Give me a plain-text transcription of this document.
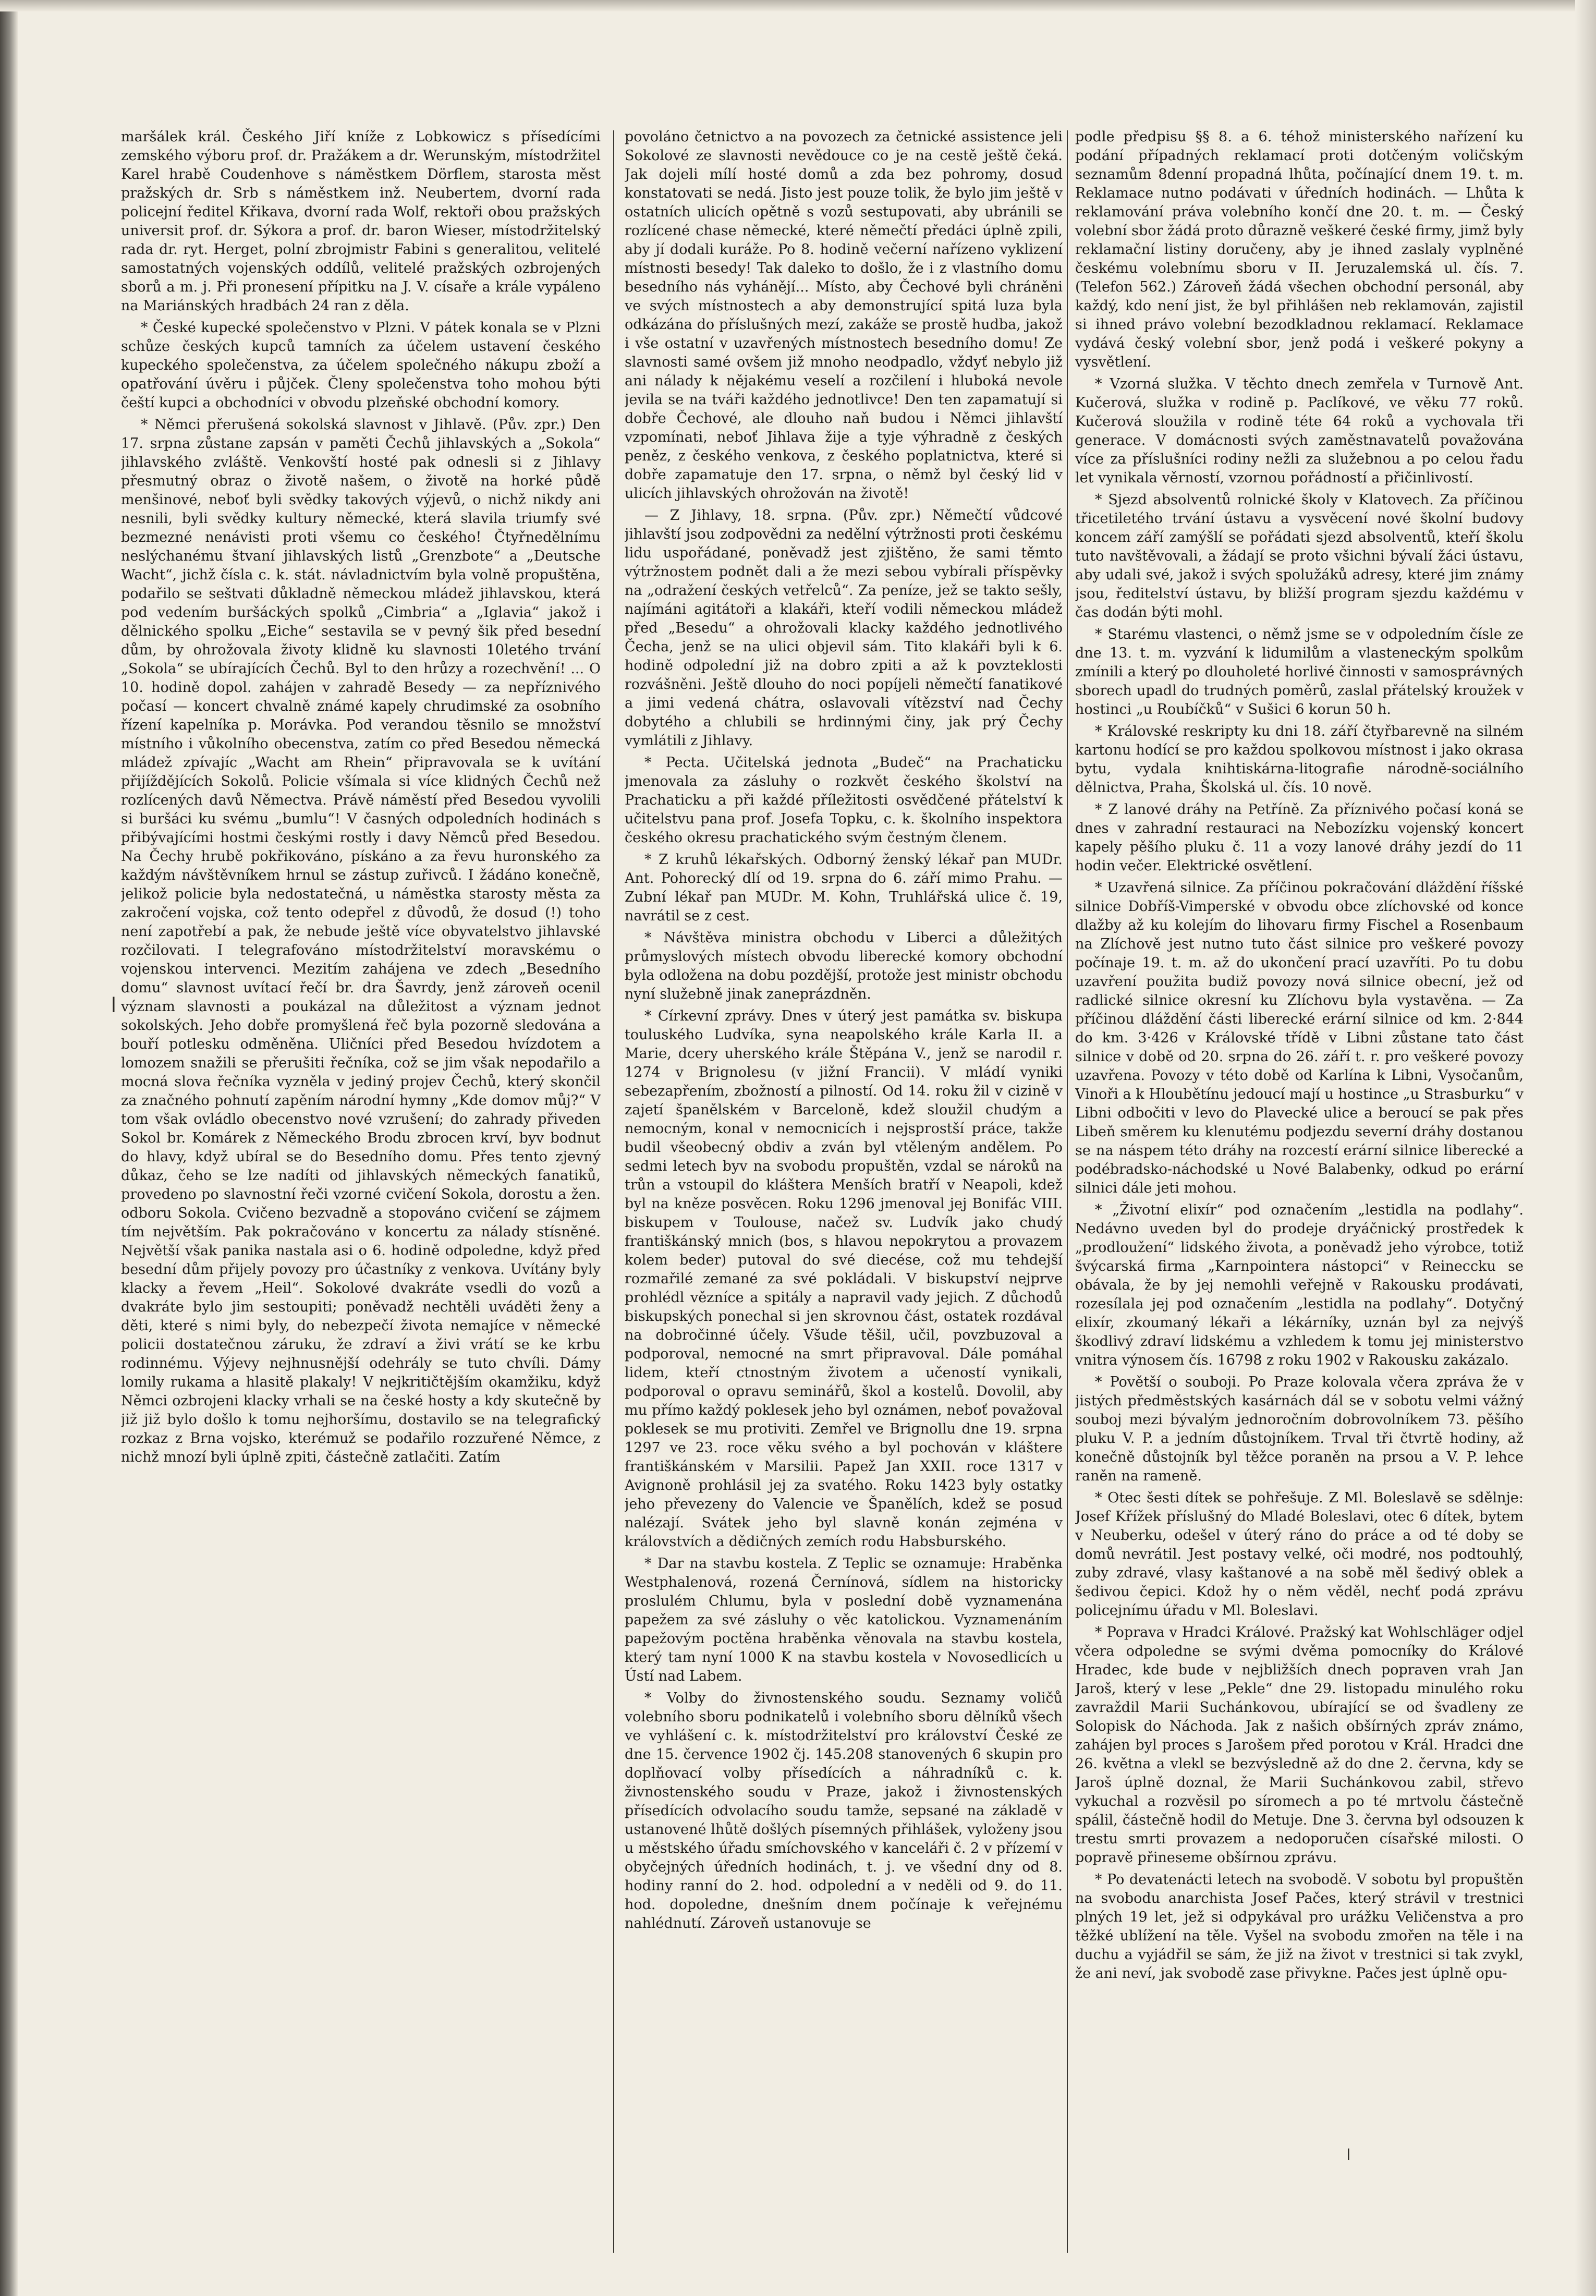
maršálek král. Českého Jiří kníže z Lobkowicz s přísedícími zemského výboru prof. dr. Pražákem a dr. Werunským, místodržitel Karel hrabě Coudenhove s náměstkem Dörflem, starosta měst pražských dr. Srb s náměstkem inž. Neubertem, dvorní rada policejní ředitel Křikava, dvorní rada Wolf, rektoři obou pražských universit prof. dr. Sýkora a prof. dr. baron Wieser, místodržitelský rada dr. ryt. Herget, polní zbrojmistr Fabini s generalitou, velitelé samostatných vojenských oddílů, velitelé pražských ozbrojených sborů a m. j. Při pronesení přípitku na J. V. císaře a krále vypáleno na Mariánských hradbách 24 ran z děla.

* České kupecké společenstvo v Plzni. V pátek konala se v Plzni schůze českých kupců tamních za účelem ustavení českého kupeckého společenstva, za účelem společného nákupu zboží a opatřování úvěru i půjček. Členy společenstva toho mohou býti čeští kupci a obchodníci v obvodu plzeňské obchodní komory.

* Němci přerušená sokolská slavnost v Jihlavě. (Pův. zpr.) Den 17. srpna zůstane zapsán v paměti Čechů jihlavských a „Sokola“ jihlavského zvláště. Venkovští hosté pak odnesli si z Jihlavy přesmutný obraz o životě našem, o životě na horké půdě menšinové, neboť byli svědky takových výjevů, o nichž nikdy ani nesnili, byli svědky kultury německé, která slavila triumfy své bezmezné nenávisti proti všemu co českého! Čtyřnedělnímu neslýchanému štvaní jihlavských listů „Grenzbote“ a „Deutsche Wacht“, jichž čísla c. k. stát. návladnictvím byla volně propuštěna, podařilo se seštvati důkladně německou mládež jihlavskou, která pod vedením buršáckých spolků „Cimbria“ a „Iglavia“ jakož i dělnického spolku „Eiche“ sestavila se v pevný šik před besední dům, by ohrožovala životy klidně ku slavnosti 10letého trvání „Sokola“ se ubírajících Čechů. Byl to den hrůzy a rozechvění! ... O 10. hodině dopol. zahájen v zahradě Besedy — za nepříznivého počasí — koncert chvalně známé kapely chrudimské za osobního řízení kapelníka p. Morávka. Pod verandou těsnilo se množství místního i vůkolního obecenstva, zatím co před Besedou německá mládež zpívajíc „Wacht am Rhein“ připravovala se k uvítání přijíždějících Sokolů. Policie všímala si více klidných Čechů než rozlícených davů Němectva. Právě náměstí před Besedou vyvolili si buršáci ku svému „bumlu“! V časných odpoledních hodinách s přibývajícími hostmi českými rostly i davy Němců před Besedou. Na Čechy hrubě pokřikováno, pískáno a za řevu huronského za každým návštěvníkem hrnul se zástup zuřivců. I žádáno konečně, jelikož policie byla nedostatečná, u náměstka starosty města za zakročení vojska, což tento odepřel z důvodů, že dosud (!) toho není zapotřebí a pak, že nebude ještě více obyvatelstvo jihlavské rozčilovati. I telegrafováno místodržitelství moravskému o vojenskou intervenci. Mezitím zahájena ve zdech „Besedního domu“ slavnost uvítací řečí br. dra Šavrdy, jenž zároveň ocenil význam slavnosti a poukázal na důležitost a význam jednot sokolských. Jeho dobře promyšlená řeč byla pozorně sledována a bouří potlesku odměněna. Uličníci před Besedou hvízdotem a lomozem snažili se přerušiti řečníka, což se jim však nepodařilo a mocná slova řečníka vyzněla v jediný projev Čechů, který skončil za značného pohnutí zapěním národní hymny „Kde domov můj?“ V tom však ovládlo obecenstvo nové vzrušení; do zahrady přiveden Sokol br. Komárek z Německého Brodu zbrocen krví, byv bodnut do hlavy, když ubíral se do Besedního domu. Přes tento zjevný důkaz, čeho se lze nadíti od jihlavských německých fanatiků, provedeno po slavnostní řeči vzorné cvičení Sokola, dorostu a žen. odboru Sokola. Cvičeno bezvadně a stopováno cvičení se zájmem tím největším. Pak pokračováno v koncertu za nálady stísněné. Největší však panika nastala asi o 6. hodině odpoledne, když před besední dům přijely povozy pro účastníky z venkova. Uvítány byly klacky a řevem „Heil“. Sokolové dvakráte vsedli do vozů a dvakráte bylo jim sestoupiti; poněvadž nechtěli uváděti ženy a děti, které s nimi byly, do nebezpečí života nemajíce v německé policii dostatečnou záruku, že zdraví a živi vrátí se ke krbu rodinnému. Výjevy nejhnusnější odehrály se tuto chvíli. Dámy lomily rukama a hlasitě plakaly! V nejkritičtějším okamžiku, když Němci ozbrojeni klacky vrhali se na české hosty a kdy skutečně by již již bylo došlo k tomu nejhoršímu, dostavilo se na telegrafický rozkaz z Brna vojsko, kterémuž se podařilo rozzuřené Němce, z nichž mnozí byli úplně zpiti, částečně zatlačiti. Zatím

povoláno četnictvo a na povozech za četnické assistence jeli Sokolové ze slavnosti nevědouce co je na cestě ještě čeká. Jak dojeli mílí hosté domů a zda bez pohromy, dosud konstatovati se nedá. Jisto jest pouze tolik, že bylo jim ještě v ostatních ulicích opětně s vozů sestupovati, aby ubránili se rozlícené chase německé, které němečtí předáci úplně zpili, aby jí dodali kuráže. Po 8. hodině večerní nařízeno vyklizení místnosti besedy! Tak daleko to došlo, že i z vlastního domu besedního nás vyhánějí... Místo, aby Čechové byli chráněni ve svých místnostech a aby demonstrující spitá luza byla odkázána do příslušných mezí, zakáže se prostě hudba, jakož i vše ostatní v uzavřených místnostech besedního domu! Ze slavnosti samé ovšem již mnoho neodpadlo, vždyť nebylo již ani nálady k nějakému veselí a rozčilení i hluboká nevole jevila se na tváři každého jednotlivce! Den ten zapamatují si dobře Čechové, ale dlouho naň budou i Němci jihlavští vzpomínati, neboť Jihlava žije a tyje výhradně z českých peněz, z českého venkova, z českého poplatnictva, které si dobře zapamatuje den 17. srpna, o němž byl český lid v ulicích jihlavských ohrožován na životě!

— Z Jihlavy, 18. srpna. (Pův. zpr.) Němečtí vůdcové jihlavští jsou zodpovědni za nedělní výtržnosti proti českému lidu uspořádané, poněvadž jest zjištěno, že sami těmto výtržnostem podnět dali a že mezi sebou vybírali příspěvky na „odražení českých vetřelců“. Za peníze, jež se takto sešly, najímáni agitátoři a klakáři, kteří vodili německou mládež před „Besedu“ a ohrožovali klacky každého jednotlivého Čecha, jenž se na ulici objevil sám. Tito klakáři byli k 6. hodině odpolední již na dobro zpiti a až k povzteklosti rozvášněni. Ještě dlouho do noci popíjeli němečtí fanatikové a jimi vedená chátra, oslavovali vítězství nad Čechy dobytého a chlubili se hrdinnými činy, jak prý Čechy vymlátili z Jihlavy.

* Pecta. Učitelská jednota „Budeč“ na Prachaticku jmenovala za zásluhy o rozkvět českého školství na Prachaticku a při každé příležitosti osvědčené přátelství k učitelstvu pana prof. Josefa Topku, c. k. školního inspektora českého okresu prachatického svým čestným členem.

* Z kruhů lékařských. Odborný ženský lékař pan MUDr. Ant. Pohorecký dlí od 19. srpna do 6. září mimo Prahu. — Zubní lékař pan MUDr. M. Kohn, Truhlářská ulice č. 19, navrátil se z cest.

* Návštěva ministra obchodu v Liberci a důležitých průmyslových místech obvodu liberecké komory obchodní byla odložena na dobu pozdější, protože jest ministr obchodu nyní služebně jinak zaneprázdněn.

* Církevní zprávy. Dnes v úterý jest památka sv. biskupa touluského Ludvíka, syna neapolského krále Karla II. a Marie, dcery uherského krále Štěpána V., jenž se narodil r. 1274 v Brignolesu (v jižní Francii). V mládí vyniki sebezapřením, zbožností a pilností. Od 14. roku žil v cizině v zajetí španělském v Barceloně, kdež sloužil chudým a nemocným, konal v nemocnicích i nejsprostší práce, takže budil všeobecný obdiv a zván byl vtěleným andělem. Po sedmi letech byv na svobodu propuštěn, vzdal se nároků na trůn a vstoupil do kláštera Menších bratří v Neapoli, kdež byl na kněze posvěcen. Roku 1296 jmenoval jej Bonifác VIII. biskupem v Toulouse, načež sv. Ludvík jako chudý františkánský mnich (bos, s hlavou nepokrytou a provazem kolem beder) putoval do své diecése, což mu tehdejší rozmařilé zemané za své pokládali. V biskupství nejprve prohlédl vězníce a spitály a napravil vady jejich. Z důchodů biskupských ponechal si jen skrovnou část, ostatek rozdával na dobročinné účely. Všude těšil, učil, povzbuzoval a podporoval, nemocné na smrt připravoval. Dále pomáhal lidem, kteří ctnostným životem a učeností vynikali, podporoval o opravu seminářů, škol a kostelů. Dovolil, aby mu přímo každý poklesek jeho byl oznámen, neboť považoval poklesek se mu protiviti. Zemřel ve Brignollu dne 19. srpna 1297 ve 23. roce věku svého a byl pochován v kláštere františkánském v Marsilii. Papež Jan XXII. roce 1317 v Avignoně prohlásil jej za svatého. Roku 1423 byly ostatky jeho převezeny do Valencie ve Španělích, kdež se posud nalézají. Svátek jeho byl slavně konán zejména v královstvích a dědičných zemích rodu Habsburského.

* Dar na stavbu kostela. Z Teplic se oznamuje: Hraběnka Westphalenová, rozená Černínová, sídlem na historicky proslulém Chlumu, byla v poslední době vyznamenána papežem za své zásluhy o věc katolickou. Vyznamenáním papežovým poctěna hraběnka věnovala na stavbu kostela, který tam nyní 1000 K na stavbu kostela v Novosedlicích u Ústí nad Labem.

* Volby do živnostenského soudu. Seznamy voličů volebního sboru podnikatelů i volebního sboru dělníků všech ve vyhlášení c. k. místodržitelství pro království České ze dne 15. července 1902 čj. 145.208 stanovených 6 skupin pro doplňovací volby přísedících a náhradníků c. k. živnostenského soudu v Praze, jakož i živnostenských přísedících odvolacího soudu tamže, sepsané na základě v ustanovené lhůtě došlých písemných přihlášek, vyloženy jsou u městského úřadu smíchovského v kanceláři č. 2 v přízemí v obyčejných úředních hodinách, t. j. ve všední dny od 8. hodiny ranní do 2. hod. odpolední a v neděli od 9. do 11. hod. dopoledne, dnešním dnem počínaje k veřejnému nahlédnutí. Zároveň ustanovuje se

podle předpisu §§ 8. a 6. téhož ministerského nařízení ku podání případných reklamací proti dotčeným voličským seznamům 8denní propadná lhůta, počínající dnem 19. t. m. Reklamace nutno podávati v úředních hodinách. — Lhůta k reklamování práva volebního končí dne 20. t. m. — Český volební sbor žádá proto důrazně veškeré české firmy, jimž byly reklamační listiny doručeny, aby je ihned zaslaly vyplněné českému volebnímu sboru v II. Jeruzalemská ul. čís. 7. (Telefon 562.) Zároveň žádá všechen obchodní personál, aby každý, kdo není jist, že byl přihlášen neb reklamován, zajistil si ihned právo volební bezodkladnou reklamací. Reklamace vydává český volební sbor, jenž podá i veškeré pokyny a vysvětlení.

* Vzorná služka. V těchto dnech zemřela v Turnově Ant. Kučerová, služka v rodině p. Paclíkové, ve věku 77 roků. Kučerová sloužila v rodině téte 64 roků a vychovala tři generace. V domácnosti svých zaměstnavatelů považována více za příslušníci rodiny nežli za služebnou a po celou řadu let vynikala věrností, vzornou pořádností a přičinlivostí.

* Sjezd absolventů rolnické školy v Klatovech. Za příčinou třicetiletého trvání ústavu a vysvěcení nové školní budovy koncem září zamýšlí se pořádati sjezd absolventů, kteří školu tuto navštěvovali, a žádají se proto všichni bývalí žáci ústavu, aby udali své, jakož i svých spolužáků adresy, které jim známy jsou, ředitelství ústavu, by bližší program sjezdu každému v čas dodán býti mohl.

* Starému vlastenci, o němž jsme se v odpoledním čísle ze dne 13. t. m. vyzvání k lidumilům a vlasteneckým spolkům zmínili a který po dlouholeté horlivé činnosti v samosprávných sborech upadl do trudných poměrů, zaslal přátelský kroužek v hostinci „u Roubíčků“ v Sušici 6 korun 50 h.

* Královské reskripty ku dni 18. září čtyřbarevně na silném kartonu hodící se pro každou spolkovou místnost i jako okrasa bytu, vydala knihtiskárna-litografie národně-sociálního dělnictva, Praha, Školská ul. čís. 10 nově.

* Z lanové dráhy na Petříně. Za příznivého počasí koná se dnes v zahradní restauraci na Nebozízku vojenský koncert kapely pěšího pluku č. 11 a vozy lanové dráhy jezdí do 11 hodin večer. Elektrické osvětlení.

* Uzavřená silnice. Za příčinou pokračování dláždění říšské silnice Dobříš-Vimperské v obvodu obce zlíchovské od konce dlažby až ku kolejím do lihovaru firmy Fischel a Rosenbaum na Zlíchově jest nutno tuto část silnice pro veškeré povozy počínaje 19. t. m. až do ukončení prací uzavříti. Po tu dobu uzavření použita budiž povozy nová silnice obecní, jež od radlické silnice okresní ku Zlíchovu byla vystavěna. — Za příčinou dláždění části liberecké erární silnice od km. 2·844 do km. 3·426 v Královské třídě v Libni zůstane tato část silnice v době od 20. srpna do 26. září t. r. pro veškeré povozy uzavřena. Povozy v této době od Karlína k Libni, Vysočanům, Vinoři a k Hloubětínu jedoucí mají u hostince „u Strasburku“ v Libni odbočiti v levo do Plavecké ulice a beroucí se pak přes Libeň směrem ku klenutému podjezdu severní dráhy dostanou se na náspem této dráhy na rozcestí erární silnice liberecké a podébradsko-náchodské u Nové Balabenky, odkud po erární silnici dále jeti mohou.

* „Životní elixír“ pod označením „lestidla na podlahy“. Nedávno uveden byl do prodeje dryáčnický prostředek k „prodloužení“ lidského života, a poněvadž jeho výrobce, totiž švýcarská firma „Karnpointera nástopci“ v Reineccku se obávala, že by jej nemohli veřejně v Rakousku prodávati, rozesílala jej pod označením „lestidla na podlahy“. Dotyčný elixír, zkoumaný lékaři a lékárníky, uznán byl za nejvýš škodlivý zdraví lidskému a vzhledem k tomu jej ministerstvo vnitra výnosem čís. 16798 z roku 1902 v Rakousku zakázalo.

* Povětší o souboji. Po Praze kolovala včera zpráva že v jistých předměstských kasárnách dál se v sobotu velmi vážný souboj mezi bývalým jednoročním dobrovolníkem 73. pěšího pluku V. P. a jedním důstojníkem. Trval tři čtvrtě hodiny, až konečně důstojník byl těžce poraněn na prsou a V. P. lehce raněn na rameně.

* Otec šesti dítek se pohřešuje. Z Ml. Boleslavě se sdělnje: Josef Křížek příslušný do Mladé Boleslavi, otec 6 dítek, bytem v Neuberku, odešel v úterý ráno do práce a od té doby se domů nevrátil. Jest postavy velké, oči modré, nos podtouhlý, zuby zdravé, vlasy kaštanové a na sobě měl šedivý oblek a šedivou čepici. Kdož hy o něm věděl, nechť podá zprávu policejnímu úřadu v Ml. Boleslavi.

* Poprava v Hradci Králové. Pražský kat Wohlschläger odjel včera odpoledne se svými dvěma pomocníky do Králové Hradec, kde bude v nejbližších dnech popraven vrah Jan Jaroš, který v lese „Pekle“ dne 29. listopadu minulého roku zavraždil Marii Suchánkovou, ubírající se od švadleny ze Solopisk do Náchoda. Jak z našich obšírných zpráv známo, zahájen byl proces s Jarošem před porotou v Král. Hradci dne 26. května a vlekl se bezvýsledně až do dne 2. června, kdy se Jaroš úplně doznal, že Marii Suchánkovou zabil, střevo vykuchal a rozvěsil po síromech a po té mrtvolu částečně spálil, částečně hodil do Metuje. Dne 3. června byl odsouzen k trestu smrti provazem a nedoporučen císařské milosti. O popravě přineseme obšírnou zprávu.

* Po devatenácti letech na svobodě. V sobotu byl propuštěn na svobodu anarchista Josef Pačes, který strávil v trestnici plných 19 let, jež si odpykával pro urážku Veličenstva a pro těžké ublížení na těle. Vyšel na svobodu zmořen na těle i na duchu a vyjádřil se sám, že již na život v trestnici si tak zvykl, že ani neví, jak svobodě zase přivykne. Pačes jest úplně opu-

ǀ
ǀ
